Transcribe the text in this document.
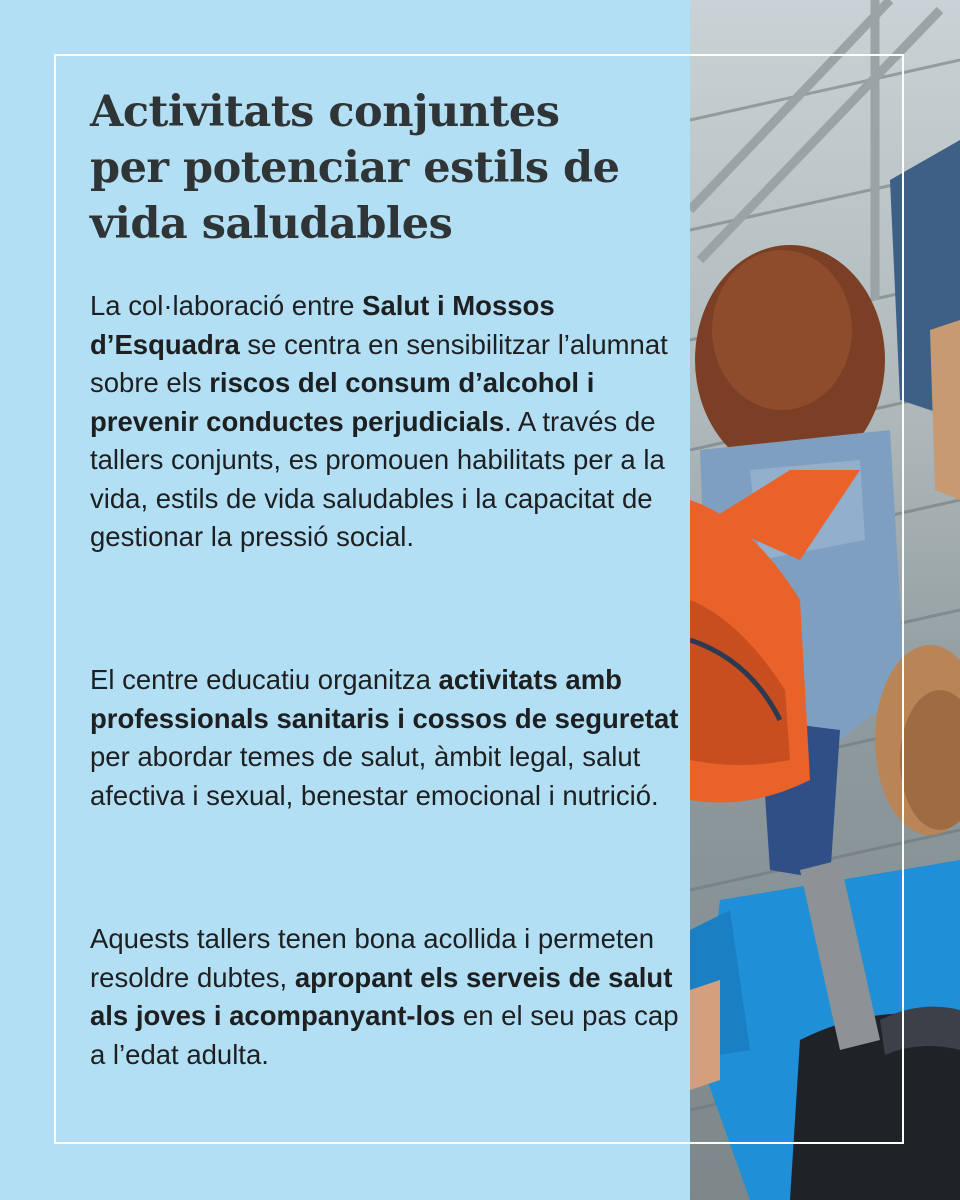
Activitats conjuntes
per potenciar estils de
vida saludables

La col·laboració entre Salut i Mossos d’Esquadra se centra en sensibilitzar l’alumnat sobre els riscos del consum d’alcohol i prevenir conductes perjudicials. A través de tallers conjunts, es promouen habilitats per a la vida, estils de vida saludables i la capacitat de gestionar la pressió social.

El centre educatiu organitza activitats amb professionals sanitaris i cossos de seguretat per abordar temes de salut, àmbit legal, salut afectiva i sexual, benestar emocional i nutrició.

Aquests tallers tenen bona acollida i permeten resoldre dubtes, apropant els serveis de salut als joves i acompanyant-los en el seu pas cap a l’edat adulta.
